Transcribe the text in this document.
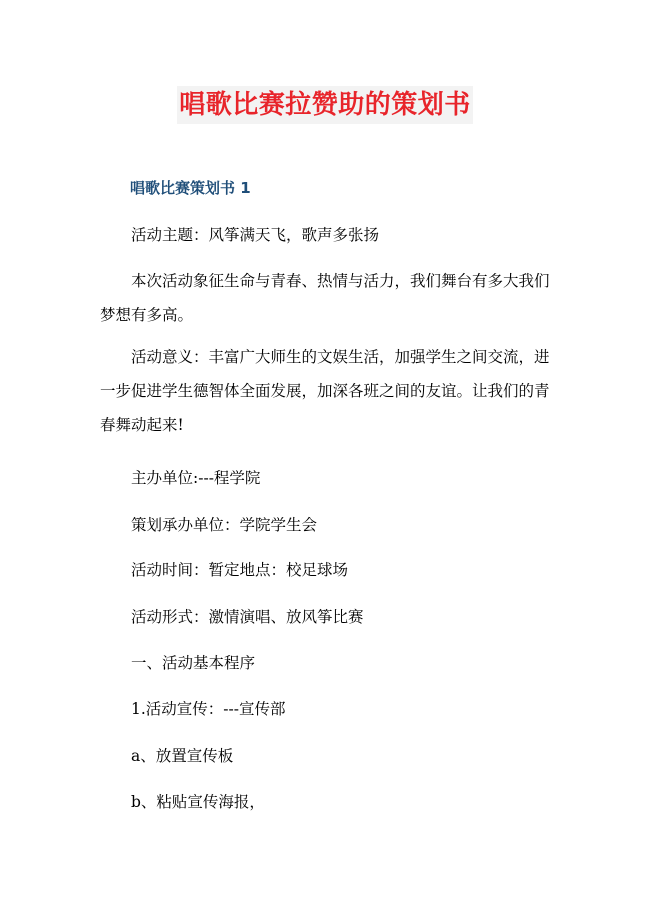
唱歌比赛拉赞助的策划书
唱歌比赛策划书 1

活动主题：风筝满天飞，歌声多张扬

本次活动象征生命与青春、热情与活力，我们舞台有多大我们梦想有多高。

活动意义：丰富广大师生的文娱生活，加强学生之间交流，进一步促进学生德智体全面发展，加深各班之间的友谊。让我们的青春舞动起来!

主办单位:---程学院

策划承办单位：学院学生会

活动时间：暂定地点：校足球场

活动形式：激情演唱、放风筝比赛

一、活动基本程序

1.活动宣传：---宣传部

a、放置宣传板

b、粘贴宣传海报，
